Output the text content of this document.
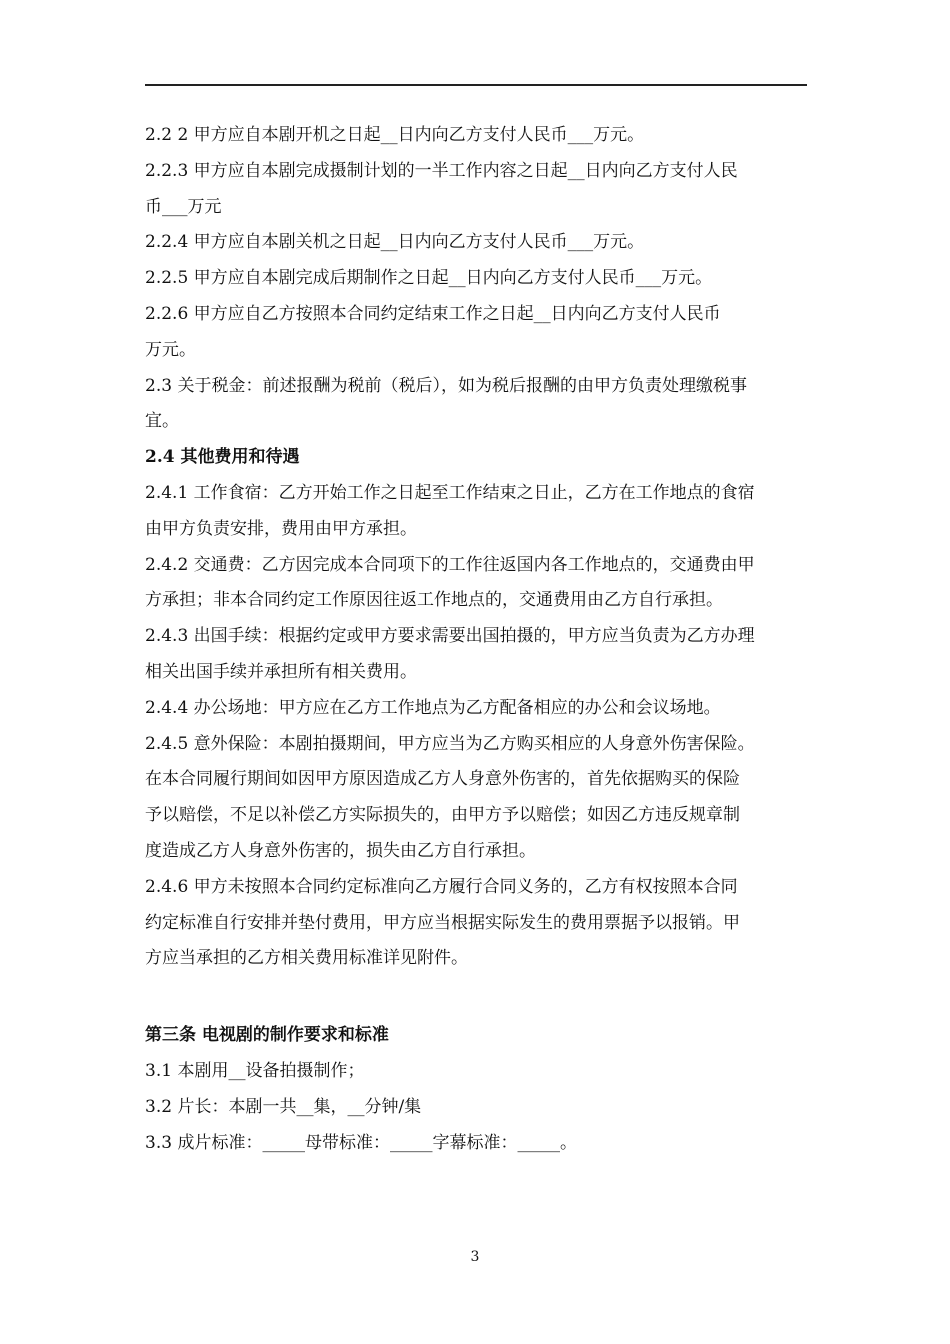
2.2 2 甲方应自本剧开机之日起__日内向乙方支付人民币___万元。
2.2.3 甲方应自本剧完成摄制计划的一半工作内容之日起__日内向乙方支付人民
币___万元
2.2.4 甲方应自本剧关机之日起__日内向乙方支付人民币___万元。
2.2.5 甲方应自本剧完成后期制作之日起__日内向乙方支付人民币___万元。
2.2.6 甲方应自乙方按照本合同约定结束工作之日起__日内向乙方支付人民币
万元。
2.3 关于税金：前述报酬为税前（税后），如为税后报酬的由甲方负责处理缴税事
宜。
2.4 其他费用和待遇
2.4.1 工作食宿：乙方开始工作之日起至工作结束之日止，乙方在工作地点的食宿
由甲方负责安排，费用由甲方承担。
2.4.2 交通费：乙方因完成本合同项下的工作往返国内各工作地点的，交通费由甲
方承担；非本合同约定工作原因往返工作地点的，交通费用由乙方自行承担。
2.4.3 出国手续：根据约定或甲方要求需要出国拍摄的，甲方应当负责为乙方办理
相关出国手续并承担所有相关费用。
2.4.4 办公场地：甲方应在乙方工作地点为乙方配备相应的办公和会议场地。
2.4.5 意外保险：本剧拍摄期间，甲方应当为乙方购买相应的人身意外伤害保险。
在本合同履行期间如因甲方原因造成乙方人身意外伤害的，首先依据购买的保险
予以赔偿，不足以补偿乙方实际损失的，由甲方予以赔偿；如因乙方违反规章制
度造成乙方人身意外伤害的，损失由乙方自行承担。
2.4.6 甲方未按照本合同约定标准向乙方履行合同义务的，乙方有权按照本合同
约定标准自行安排并垫付费用，甲方应当根据实际发生的费用票据予以报销。甲
方应当承担的乙方相关费用标准详见附件。
第三条 电视剧的制作要求和标准
3.1 本剧用__设备拍摄制作；
3.2 片长：本剧一共__集，__分钟/集
3.3 成片标准：_____母带标准：_____字幕标准：_____。
3
